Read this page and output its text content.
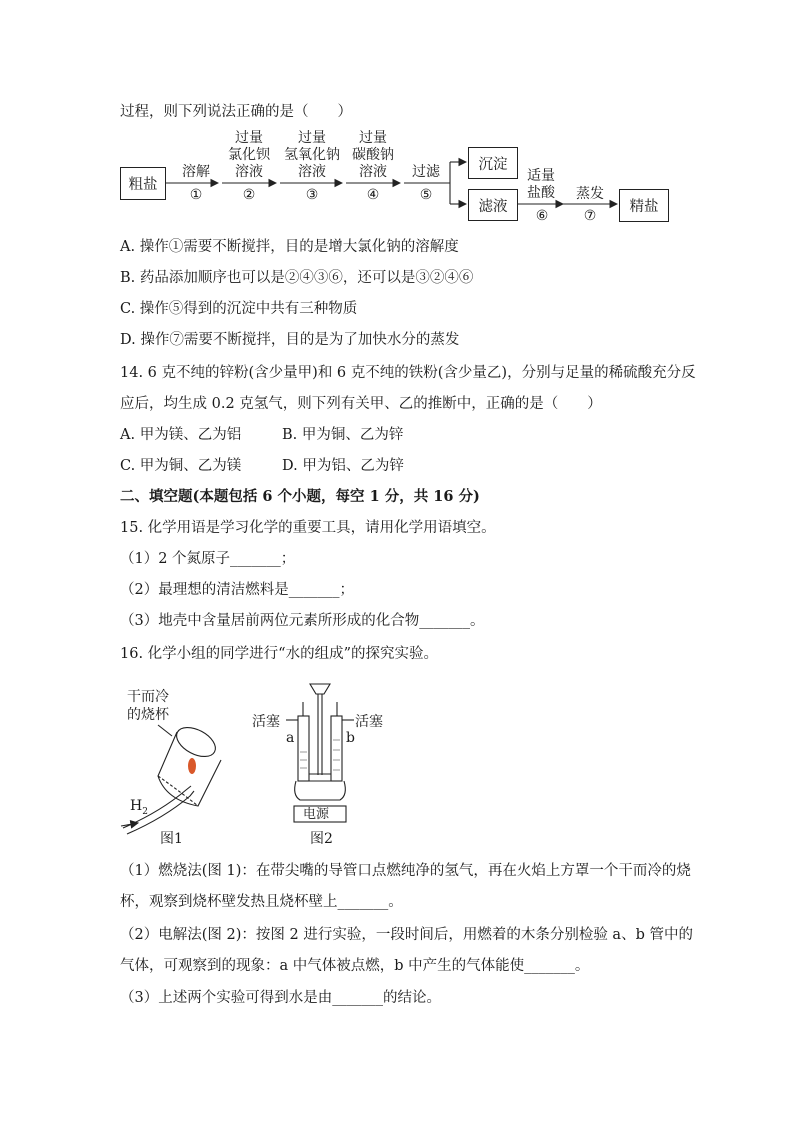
过程，则下列说法正确的是（　　）
粗盐
溶解
①
过量
氯化钡
溶液
②
过量
氢氧化钠
溶液
③
过量
碳酸钠
溶液
④
过滤
⑤
沉淀
滤液
适量
盐酸
⑥
蒸发
⑦
精盐
A. 操作①需要不断搅拌，目的是增大氯化钠的溶解度
B. 药品添加顺序也可以是②④③⑥，还可以是③②④⑥
C. 操作⑤得到的沉淀中共有三种物质
D. 操作⑦需要不断搅拌，目的是为了加快水分的蒸发
14. 6 克不纯的锌粉(含少量甲)和 6 克不纯的铁粉(含少量乙)，分别与足量的稀硫酸充分反
应后，均生成 0.2 克氢气，则下列有关甲、乙的推断中，正确的是（　　）
A. 甲为镁、乙为铝	B. 甲为铜、乙为锌
C. 甲为铜、乙为镁	D. 甲为铝、乙为锌
二、填空题(本题包括 6 个小题，每空 1 分，共 16 分)
15. 化学用语是学习化学的重要工具，请用化学用语填空。
（1）2 个氮原子_______；
（2）最理想的清洁燃料是_______；
（3）地壳中含量居前两位元素所形成的化合物_______。
16. 化学小组的同学进行“水的组成”的探究实验。
干而冷
的烧杯
$H_2$
图1
活塞	活塞
a	b
电源
图2
（1）燃烧法(图 1)：在带尖嘴的导管口点燃纯净的氢气，再在火焰上方罩一个干而冷的烧
杯，观察到烧杯壁发热且烧杯壁上_______。
（2）电解法(图 2)：按图 2 进行实验，一段时间后，用燃着的木条分别检验 a、b 管中的
气体，可观察到的现象：a 中气体被点燃，b 中产生的气体能使_______。
（3）上述两个实验可得到水是由_______的结论。
